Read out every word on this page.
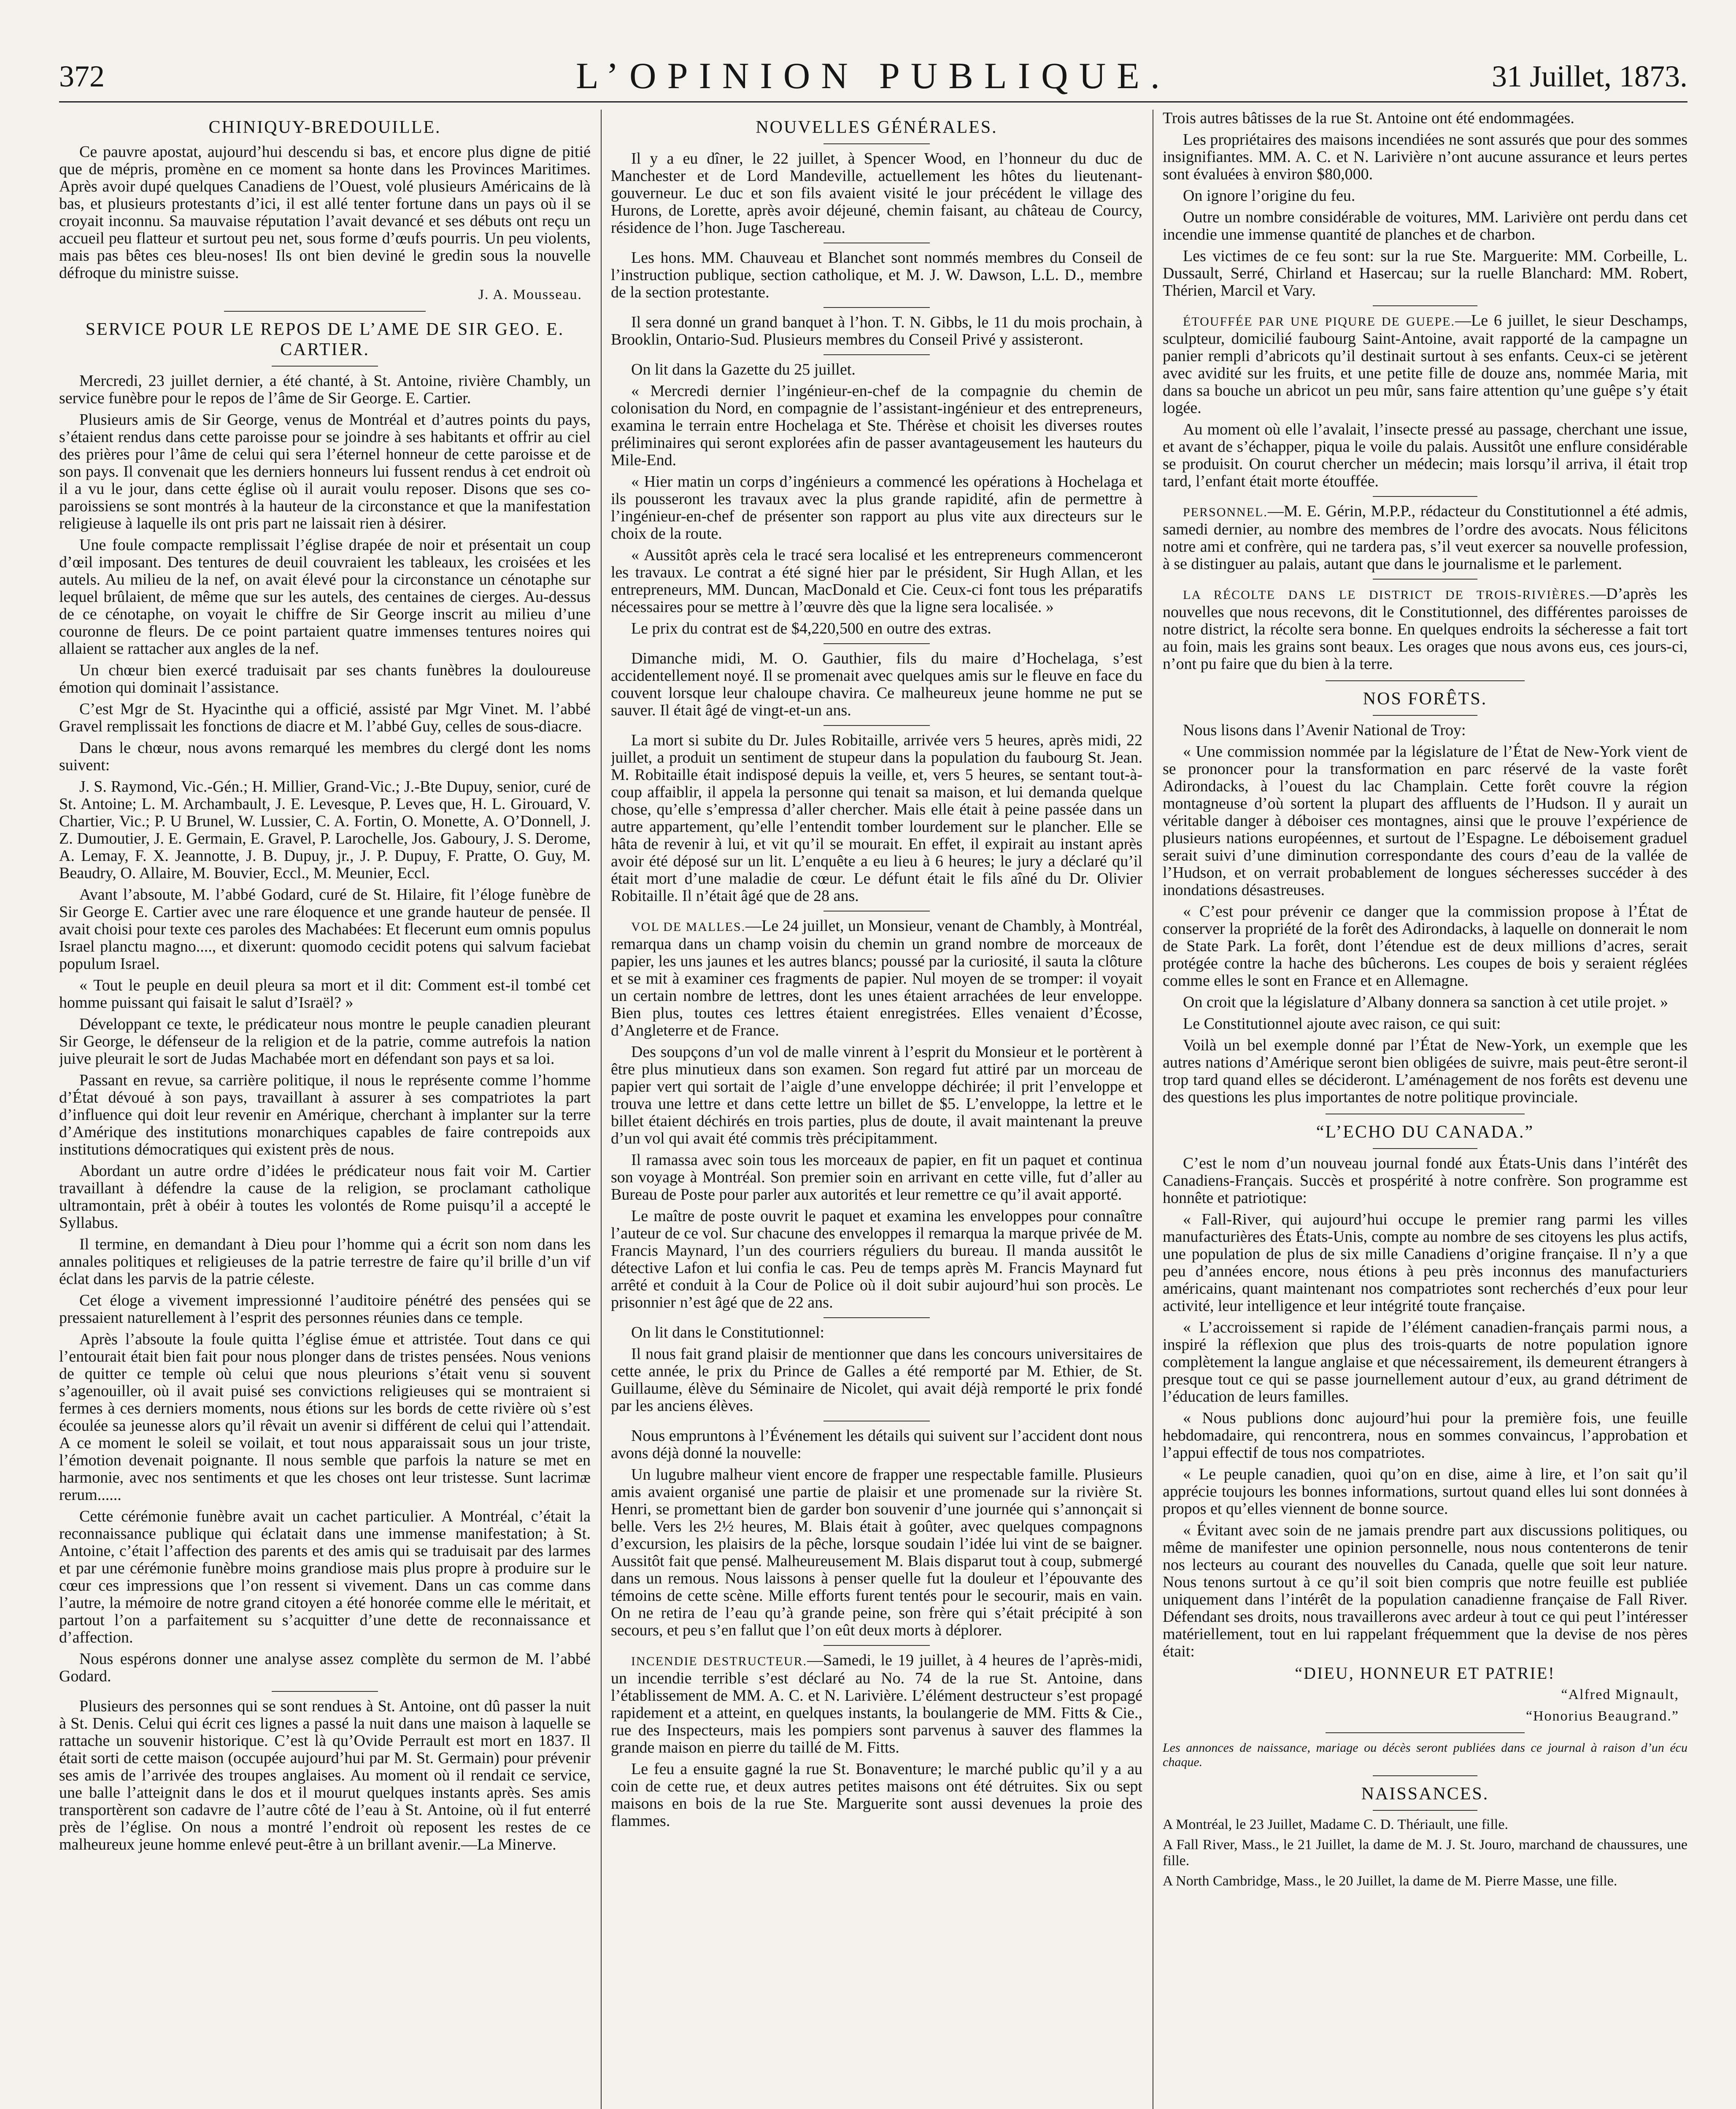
372	L’OPINION PUBLIQUE.	31 Juillet, 1873.
CHINIQUY-BREDOUILLE.

Ce pauvre apostat, aujourd’hui descendu si bas, et encore plus digne de pitié que de mépris, promène en ce moment sa honte dans les Provinces Maritimes. Après avoir dupé quelques Canadiens de l’Ouest, volé plusieurs Américains de là bas, et plusieurs protestants d’ici, il est allé tenter fortune dans un pays où il se croyait inconnu. Sa mauvaise réputation l’avait devancé et ses débuts ont reçu un accueil peu flatteur et surtout peu net, sous forme d’œufs pourris. Un peu violents, mais pas bêtes ces bleu-noses! Ils ont bien deviné le gredin sous la nouvelle défroque du ministre suisse.

J. A. Mousseau.
SERVICE POUR LE REPOS DE L’AME DE SIR GEO. E. CARTIER.

Mercredi, 23 juillet dernier, a été chanté, à St. Antoine, rivière Chambly, un service funèbre pour le repos de l’âme de Sir George. E. Cartier.

Plusieurs amis de Sir George, venus de Montréal et d’autres points du pays, s’étaient rendus dans cette paroisse pour se joindre à ses habitants et offrir au ciel des prières pour l’âme de celui qui sera l’éternel honneur de cette paroisse et de son pays. Il convenait que les derniers honneurs lui fussent rendus à cet endroit où il a vu le jour, dans cette église où il aurait voulu reposer. Disons que ses co-paroissiens se sont montrés à la hauteur de la circonstance et que la manifestation religieuse à laquelle ils ont pris part ne laissait rien à désirer.

Une foule compacte remplissait l’église drapée de noir et présentait un coup d’œil imposant. Des tentures de deuil couvraient les tableaux, les croisées et les autels. Au milieu de la nef, on avait élevé pour la circonstance un cénotaphe sur lequel brûlaient, de même que sur les autels, des centaines de cierges. Au-dessus de ce cénotaphe, on voyait le chiffre de Sir George inscrit au milieu d’une couronne de fleurs. De ce point partaient quatre immenses tentures noires qui allaient se rattacher aux angles de la nef.

Un chœur bien exercé traduisait par ses chants funèbres la douloureuse émotion qui dominait l’assistance.

C’est Mgr de St. Hyacinthe qui a officié, assisté par Mgr Vinet. M. l’abbé Gravel remplissait les fonctions de diacre et M. l’abbé Guy, celles de sous-diacre.

Dans le chœur, nous avons remarqué les membres du clergé dont les noms suivent:

J. S. Raymond, Vic.-Gén.; H. Millier, Grand-Vic.; J.-Bte Dupuy, senior, curé de St. Antoine; L. M. Archambault, J. E. Levesque, P. Leves que, H. L. Girouard, V. Chartier, Vic.; P. U Brunel, W. Lussier, C. A. Fortin, O. Monette, A. O’Donnell, J. Z. Dumoutier, J. E. Germain, E. Gravel, P. Larochelle, Jos. Gaboury, J. S. Derome, A. Lemay, F. X. Jeannotte, J. B. Dupuy, jr., J. P. Dupuy, F. Pratte, O. Guy, M. Beaudry, O. Allaire, M. Bouvier, Eccl., M. Meunier, Eccl.

Avant l’absoute, M. l’abbé Godard, curé de St. Hilaire, fit l’éloge funèbre de Sir George E. Cartier avec une rare éloquence et une grande hauteur de pensée. Il avait choisi pour texte ces paroles des Machabées: Et flecerunt eum omnis populus Israel planctu magno...., et dixerunt: quomodo cecidit potens qui salvum faciebat populum Israel.

« Tout le peuple en deuil pleura sa mort et il dit: Comment est-il tombé cet homme puissant qui faisait le salut d’Israël? »

Développant ce texte, le prédicateur nous montre le peuple canadien pleurant Sir George, le défenseur de la religion et de la patrie, comme autrefois la nation juive pleurait le sort de Judas Machabée mort en défendant son pays et sa loi.

Passant en revue, sa carrière politique, il nous le représente comme l’homme d’État dévoué à son pays, travaillant à assurer à ses compatriotes la part d’influence qui doit leur revenir en Amérique, cherchant à implanter sur la terre d’Amérique des institutions monarchiques capables de faire contrepoids aux institutions démocratiques qui existent près de nous.

Abordant un autre ordre d’idées le prédicateur nous fait voir M. Cartier travaillant à défendre la cause de la religion, se proclamant catholique ultramontain, prêt à obéir à toutes les volontés de Rome puisqu’il a accepté le Syllabus.

Il termine, en demandant à Dieu pour l’homme qui a écrit son nom dans les annales politiques et religieuses de la patrie terrestre de faire qu’il brille d’un vif éclat dans les parvis de la patrie céleste.

Cet éloge a vivement impressionné l’auditoire pénétré des pensées qui se pressaient naturellement à l’esprit des personnes réunies dans ce temple.

Après l’absoute la foule quitta l’église émue et attristée. Tout dans ce qui l’entourait était bien fait pour nous plonger dans de tristes pensées. Nous venions de quitter ce temple où celui que nous pleurions s’était venu si souvent s’agenouiller, où il avait puisé ses convictions religieuses qui se montraient si fermes à ces derniers moments, nous étions sur les bords de cette rivière où s’est écoulée sa jeunesse alors qu’il rêvait un avenir si différent de celui qui l’attendait. A ce moment le soleil se voilait, et tout nous apparaissait sous un jour triste, l’émotion devenait poignante. Il nous semble que parfois la nature se met en harmonie, avec nos sentiments et que les choses ont leur tristesse. Sunt lacrimæ rerum......

Cette cérémonie funèbre avait un cachet particulier. A Montréal, c’était la reconnaissance publique qui éclatait dans une immense manifestation; à St. Antoine, c’était l’affection des parents et des amis qui se traduisait par des larmes et par une cérémonie funèbre moins grandiose mais plus propre à produire sur le cœur ces impressions que l’on ressent si vivement. Dans un cas comme dans l’autre, la mémoire de notre grand citoyen a été honorée comme elle le méritait, et partout l’on a parfaitement su s’acquitter d’une dette de reconnaissance et d’affection.

Nous espérons donner une analyse assez complète du sermon de M. l’abbé Godard.

Plusieurs des personnes qui se sont rendues à St. Antoine, ont dû passer la nuit à St. Denis. Celui qui écrit ces lignes a passé la nuit dans une maison à laquelle se rattache un souvenir historique. C’est là qu’Ovide Perrault est mort en 1837. Il était sorti de cette maison (occupée aujourd’hui par M. St. Germain) pour prévenir ses amis de l’arrivée des troupes anglaises. Au moment où il rendait ce service, une balle l’atteignit dans le dos et il mourut quelques instants après. Ses amis transportèrent son cadavre de l’autre côté de l’eau à St. Antoine, où il fut enterré près de l’église. On nous a montré l’endroit où reposent les restes de ce malheureux jeune homme enlevé peut-être à un brillant avenir.—La Minerve.

NOUVELLES GÉNÉRALES.

Il y a eu dîner, le 22 juillet, à Spencer Wood, en l’honneur du duc de Manchester et de Lord Mandeville, actuellement les hôtes du lieutenant-gouverneur. Le duc et son fils avaient visité le jour précédent le village des Hurons, de Lorette, après avoir déjeuné, chemin faisant, au château de Courcy, résidence de l’hon. Juge Taschereau.

Les hons. MM. Chauveau et Blanchet sont nommés membres du Conseil de l’instruction publique, section catholique, et M. J. W. Dawson, L.L. D., membre de la section protestante.

Il sera donné un grand banquet à l’hon. T. N. Gibbs, le 11 du mois prochain, à Brooklin, Ontario-Sud. Plusieurs membres du Conseil Privé y assisteront.

On lit dans la Gazette du 25 juillet.

« Mercredi dernier l’ingénieur-en-chef de la compagnie du chemin de colonisation du Nord, en compagnie de l’assistant-ingénieur et des entrepreneurs, examina le terrain entre Hochelaga et Ste. Thérèse et choisit les diverses routes préliminaires qui seront explorées afin de passer avantageusement les hauteurs du Mile-End.

« Hier matin un corps d’ingénieurs a commencé les opérations à Hochelaga et ils pousseront les travaux avec la plus grande rapidité, afin de permettre à l’ingénieur-en-chef de présenter son rapport au plus vite aux directeurs sur le choix de la route.

« Aussitôt après cela le tracé sera localisé et les entrepreneurs commenceront les travaux. Le contrat a été signé hier par le président, Sir Hugh Allan, et les entrepreneurs, MM. Duncan, MacDonald et Cie. Ceux-ci font tous les préparatifs nécessaires pour se mettre à l’œuvre dès que la ligne sera localisée. »

Le prix du contrat est de $4,220,500 en outre des extras.

Dimanche midi, M. O. Gauthier, fils du maire d’Hochelaga, s’est accidentellement noyé. Il se promenait avec quelques amis sur le fleuve en face du couvent lorsque leur chaloupe chavira. Ce malheureux jeune homme ne put se sauver. Il était âgé de vingt-et-un ans.

La mort si subite du Dr. Jules Robitaille, arrivée vers 5 heures, après midi, 22 juillet, a produit un sentiment de stupeur dans la population du faubourg St. Jean. M. Robitaille était indisposé depuis la veille, et, vers 5 heures, se sentant tout-à-coup affaiblir, il appela la personne qui tenait sa maison, et lui demanda quelque chose, qu’elle s’empressa d’aller chercher. Mais elle était à peine passée dans un autre appartement, qu’elle l’entendit tomber lourdement sur le plancher. Elle se hâta de revenir à lui, et vit qu’il se mourait. En effet, il expirait au instant après avoir été déposé sur un lit. L’enquête a eu lieu à 6 heures; le jury a déclaré qu’il était mort d’une maladie de cœur. Le défunt était le fils aîné du Dr. Olivier Robitaille. Il n’était âgé que de 28 ans.

VOL DE MALLES.—Le 24 juillet, un Monsieur, venant de Chambly, à Montréal, remarqua dans un champ voisin du chemin un grand nombre de morceaux de papier, les uns jaunes et les autres blancs; poussé par la curiosité, il sauta la clôture et se mit à examiner ces fragments de papier. Nul moyen de se tromper: il voyait un certain nombre de lettres, dont les unes étaient arrachées de leur enveloppe. Bien plus, toutes ces lettres étaient enregistrées. Elles venaient d’Écosse, d’Angleterre et de France.

Des soupçons d’un vol de malle vinrent à l’esprit du Monsieur et le portèrent à être plus minutieux dans son examen. Son regard fut attiré par un morceau de papier vert qui sortait de l’aigle d’une enveloppe déchirée; il prit l’enveloppe et trouva une lettre et dans cette lettre un billet de $5. L’enveloppe, la lettre et le billet étaient déchirés en trois parties, plus de doute, il avait maintenant la preuve d’un vol qui avait été commis très précipitamment.

Il ramassa avec soin tous les morceaux de papier, en fit un paquet et continua son voyage à Montréal. Son premier soin en arrivant en cette ville, fut d’aller au Bureau de Poste pour parler aux autorités et leur remettre ce qu’il avait apporté.

Le maître de poste ouvrit le paquet et examina les enveloppes pour connaître l’auteur de ce vol. Sur chacune des enveloppes il remarqua la marque privée de M. Francis Maynard, l’un des courriers réguliers du bureau. Il manda aussitôt le détective Lafon et lui confia le cas. Peu de temps après M. Francis Maynard fut arrêté et conduit à la Cour de Police où il doit subir aujourd’hui son procès. Le prisonnier n’est âgé que de 22 ans.

On lit dans le Constitutionnel:

Il nous fait grand plaisir de mentionner que dans les concours universitaires de cette année, le prix du Prince de Galles a été remporté par M. Ethier, de St. Guillaume, élève du Séminaire de Nicolet, qui avait déjà remporté le prix fondé par les anciens élèves.

Nous empruntons à l’Événement les détails qui suivent sur l’accident dont nous avons déjà donné la nouvelle:

Un lugubre malheur vient encore de frapper une respectable famille. Plusieurs amis avaient organisé une partie de plaisir et une promenade sur la rivière St. Henri, se promettant bien de garder bon souvenir d’une journée qui s’annonçait si belle. Vers les 2½ heures, M. Blais était à goûter, avec quelques compagnons d’excursion, les plaisirs de la pêche, lorsque soudain l’idée lui vint de se baigner. Aussitôt fait que pensé. Malheureusement M. Blais disparut tout à coup, submergé dans un remous. Nous laissons à penser quelle fut la douleur et l’épouvante des témoins de cette scène. Mille efforts furent tentés pour le secourir, mais en vain. On ne retira de l’eau qu’à grande peine, son frère qui s’était précipité à son secours, et peu s’en fallut que l’on eût deux morts à déplorer.

INCENDIE DESTRUCTEUR.—Samedi, le 19 juillet, à 4 heures de l’après-midi, un incendie terrible s’est déclaré au No. 74 de la rue St. Antoine, dans l’établissement de MM. A. C. et N. Larivière. L’élément destructeur s’est propagé rapidement et a atteint, en quelques instants, la boulangerie de MM. Fitts & Cie., rue des Inspecteurs, mais les pompiers sont parvenus à sauver des flammes la grande maison en pierre du taillé de M. Fitts.

Le feu a ensuite gagné la rue St. Bonaventure; le marché public qu’il y a au coin de cette rue, et deux autres petites maisons ont été détruites. Six ou sept maisons en bois de la rue Ste. Marguerite sont aussi devenues la proie des flammes.

Trois autres bâtisses de la rue St. Antoine ont été endommagées.

Les propriétaires des maisons incendiées ne sont assurés que pour des sommes insignifiantes. MM. A. C. et N. Larivière n’ont aucune assurance et leurs pertes sont évaluées à environ $80,000.

On ignore l’origine du feu.

Outre un nombre considérable de voitures, MM. Larivière ont perdu dans cet incendie une immense quantité de planches et de charbon.

Les victimes de ce feu sont: sur la rue Ste. Marguerite: MM. Corbeille, L. Dussault, Serré, Chirland et Hasercau; sur la ruelle Blanchard: MM. Robert, Thérien, Marcil et Vary.

ÉTOUFFÉE PAR UNE PIQURE DE GUEPE.—Le 6 juillet, le sieur Deschamps, sculpteur, domicilié faubourg Saint-Antoine, avait rapporté de la campagne un panier rempli d’abricots qu’il destinait surtout à ses enfants. Ceux-ci se jetèrent avec avidité sur les fruits, et une petite fille de douze ans, nommée Maria, mit dans sa bouche un abricot un peu mûr, sans faire attention qu’une guêpe s’y était logée.

Au moment où elle l’avalait, l’insecte pressé au passage, cherchant une issue, et avant de s’échapper, piqua le voile du palais. Aussitôt une enflure considérable se produisit. On courut chercher un médecin; mais lorsqu’il arriva, il était trop tard, l’enfant était morte étouffée.

PERSONNEL.—M. E. Gérin, M.P.P., rédacteur du Constitutionnel a été admis, samedi dernier, au nombre des membres de l’ordre des avocats. Nous félicitons notre ami et confrère, qui ne tardera pas, s’il veut exercer sa nouvelle profession, à se distinguer au palais, autant que dans le journalisme et le parlement.

LA RÉCOLTE DANS LE DISTRICT DE TROIS-RIVIÈRES.—D’après les nouvelles que nous recevons, dit le Constitutionnel, des différentes paroisses de notre district, la récolte sera bonne. En quelques endroits la sécheresse a fait tort au foin, mais les grains sont beaux. Les orages que nous avons eus, ces jours-ci, n’ont pu faire que du bien à la terre.

NOS FORÊTS.

Nous lisons dans l’Avenir National de Troy:

« Une commission nommée par la législature de l’État de New-York vient de se prononcer pour la transformation en parc réservé de la vaste forêt Adirondacks, à l’ouest du lac Champlain. Cette forêt couvre la région montagneuse d’où sortent la plupart des affluents de l’Hudson. Il y aurait un véritable danger à déboiser ces montagnes, ainsi que le prouve l’expérience de plusieurs nations européennes, et surtout de l’Espagne. Le déboisement graduel serait suivi d’une diminution correspondante des cours d’eau de la vallée de l’Hudson, et on verrait probablement de longues sécheresses succéder à des inondations désastreuses.

« C’est pour prévenir ce danger que la commission propose à l’État de conserver la propriété de la forêt des Adirondacks, à laquelle on donnerait le nom de State Park. La forêt, dont l’étendue est de deux millions d’acres, serait protégée contre la hache des bûcherons. Les coupes de bois y seraient réglées comme elles le sont en France et en Allemagne.

On croit que la législature d’Albany donnera sa sanction à cet utile projet. »

Le Constitutionnel ajoute avec raison, ce qui suit:

Voilà un bel exemple donné par l’État de New-York, un exemple que les autres nations d’Amérique seront bien obligées de suivre, mais peut-être seront-il trop tard quand elles se décideront. L’aménagement de nos forêts est devenu une des questions les plus importantes de notre politique provinciale.

“L’ECHO DU CANADA.”

C’est le nom d’un nouveau journal fondé aux États-Unis dans l’intérêt des Canadiens-Français. Succès et prospérité à notre confrère. Son programme est honnête et patriotique:

« Fall-River, qui aujourd’hui occupe le premier rang parmi les villes manufacturières des États-Unis, compte au nombre de ses citoyens les plus actifs, une population de plus de six mille Canadiens d’origine française. Il n’y a que peu d’années encore, nous étions à peu près inconnus des manufacturiers américains, quant maintenant nos compatriotes sont recherchés d’eux pour leur activité, leur intelligence et leur intégrité toute française.

« L’accroissement si rapide de l’élément canadien-français parmi nous, a inspiré la réflexion que plus des trois-quarts de notre population ignore complètement la langue anglaise et que nécessairement, ils demeurent étrangers à presque tout ce qui se passe journellement autour d’eux, au grand détriment de l’éducation de leurs familles.

« Nous publions donc aujourd’hui pour la première fois, une feuille hebdomadaire, qui rencontrera, nous en sommes convaincus, l’approbation et l’appui effectif de tous nos compatriotes.

« Le peuple canadien, quoi qu’on en dise, aime à lire, et l’on sait qu’il apprécie toujours les bonnes informations, surtout quand elles lui sont données à propos et qu’elles viennent de bonne source.

« Évitant avec soin de ne jamais prendre part aux discussions politiques, ou même de manifester une opinion personnelle, nous nous contenterons de tenir nos lecteurs au courant des nouvelles du Canada, quelle que soit leur nature. Nous tenons surtout à ce qu’il soit bien compris que notre feuille est publiée uniquement dans l’intérêt de la population canadienne française de Fall River. Défendant ses droits, nous travaillerons avec ardeur à tout ce qui peut l’intéresser matériellement, tout en lui rappelant fréquemment que la devise de nos pères était:

“DIEU, HONNEUR ET PATRIE!
“Alfred Mignault,
“Honorius Beaugrand.”
Les annonces de naissance, mariage ou décès seront publiées dans ce journal à raison d’un écu chaque.
NAISSANCES.

A Montréal, le 23 Juillet, Madame C. D. Thériault, une fille.

A Fall River, Mass., le 21 Juillet, la dame de M. J. St. Jouro, marchand de chaussures, une fille.

A North Cambridge, Mass., le 20 Juillet, la dame de M. Pierre Masse, une fille.
